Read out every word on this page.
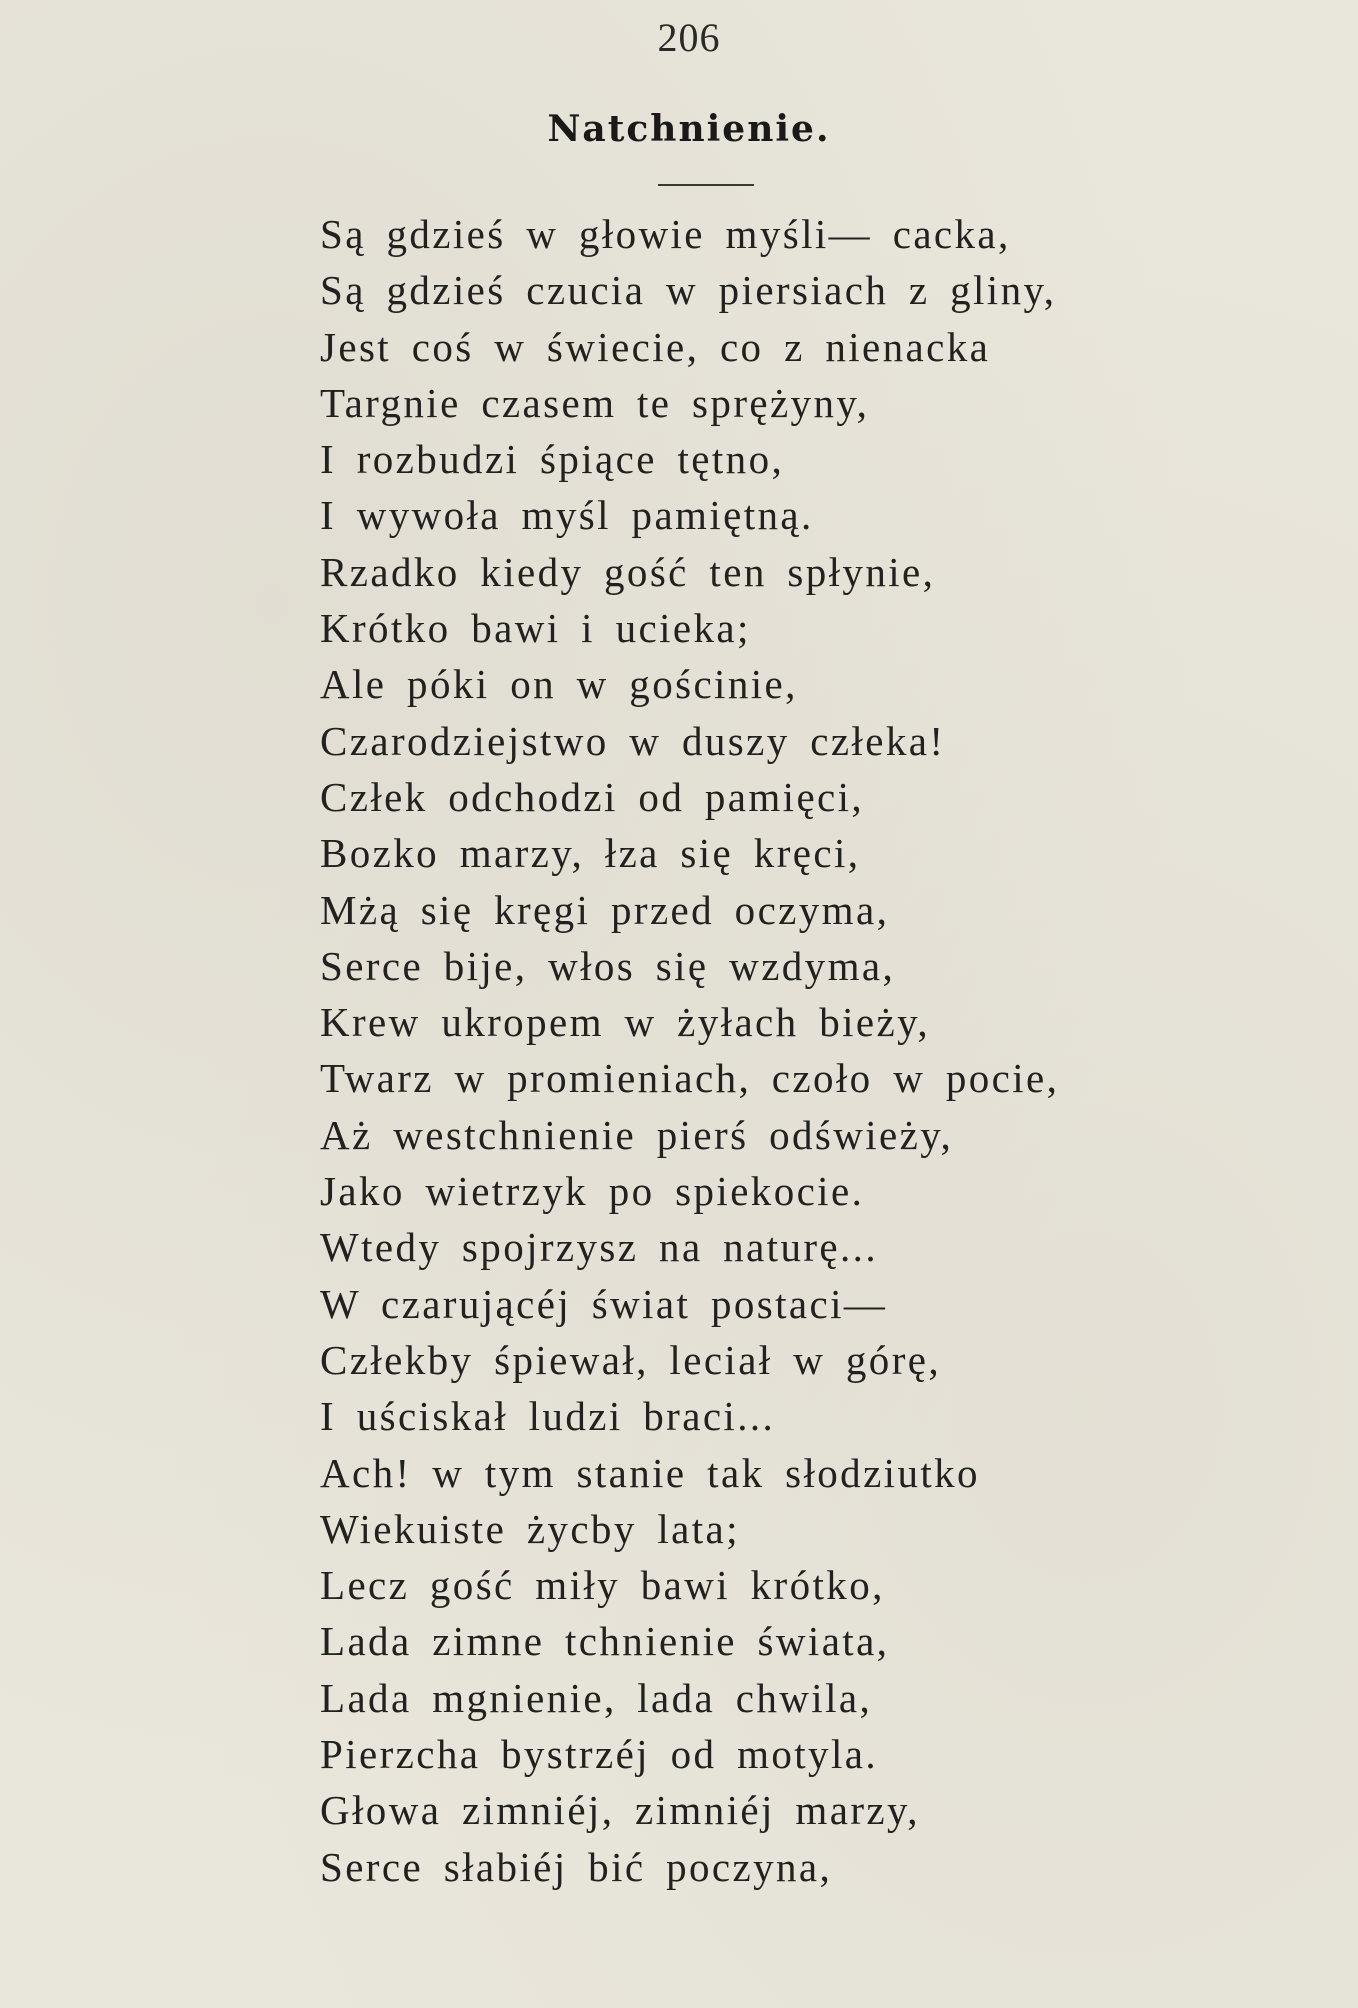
206
Natchnienie.
Są gdzieś w głowie myśli— cacka,
Są gdzieś czucia w piersiach z gliny,
Jest coś w świecie, co z nienacka
Targnie czasem te sprężyny,
I rozbudzi śpiące tętno,
I wywoła myśl pamiętną.
Rzadko kiedy gość ten spłynie,
Krótko bawi i ucieka;
Ale póki on w gościnie,
Czarodziejstwo w duszy człeka!
Człek odchodzi od pamięci,
Bozko marzy, łza się kręci,
Mżą się kręgi przed oczyma,
Serce bije, włos się wzdyma,
Krew ukropem w żyłach bieży,
Twarz w promieniach, czoło w pocie,
Aż westchnienie pierś odświeży,
Jako wietrzyk po spiekocie.
Wtedy spojrzysz na naturę...
W czarującéj świat postaci—
Człekby śpiewał, leciał w górę,
I uściskał ludzi braci...
Ach! w tym stanie tak słodziutko
Wiekuiste życby lata;
Lecz gość miły bawi krótko,
Lada zimne tchnienie świata,
Lada mgnienie, lada chwila,
Pierzcha bystrzéj od motyla.
Głowa zimniéj, zimniéj marzy,
Serce słabiéj bić poczyna,
